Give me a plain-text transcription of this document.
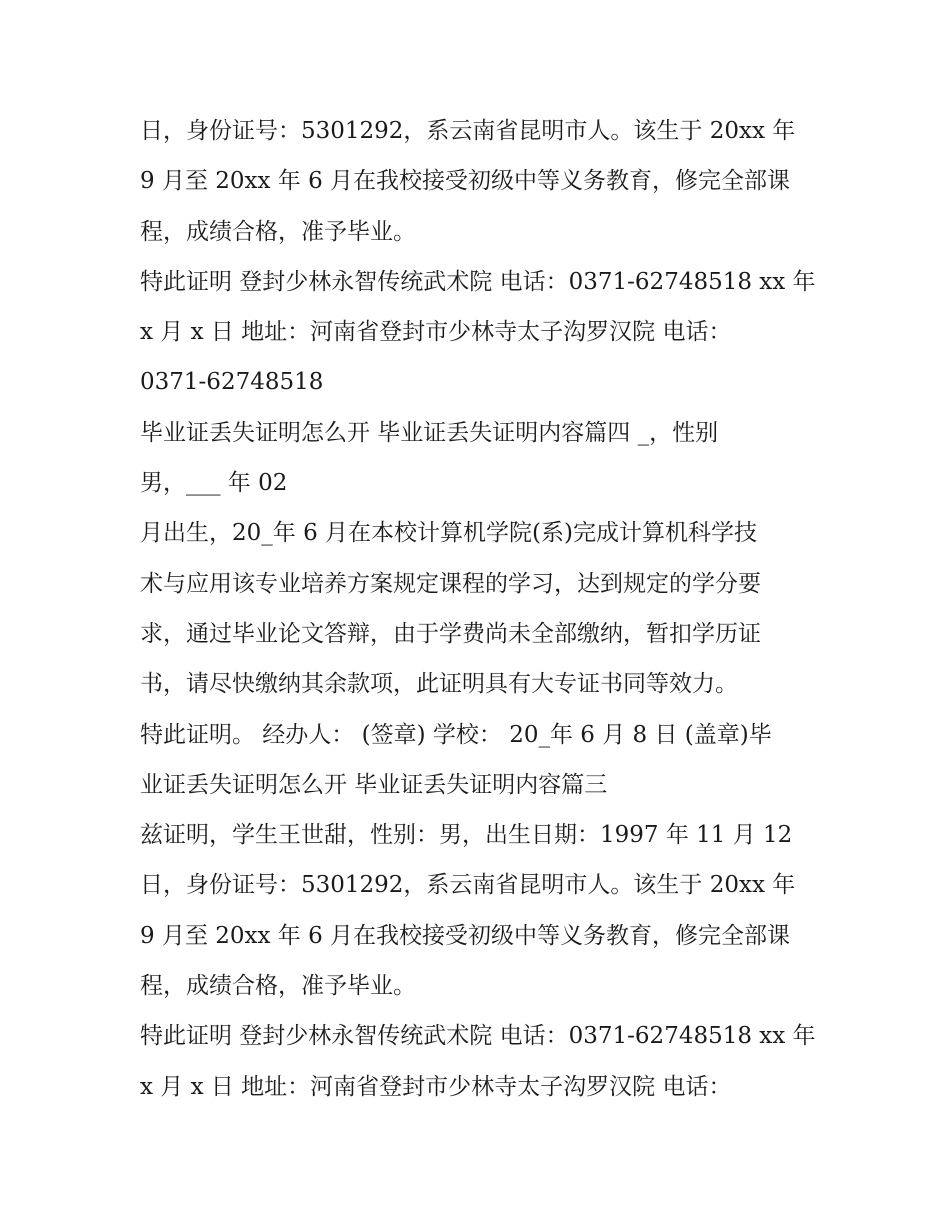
日，身份证号：5301292，系云南省昆明市人。该生于 20xx 年
9 月至 20xx 年 6 月在我校接受初级中等义务教育，修完全部课
程，成绩合格，准予毕业。
特此证明 登封少林永智传统武术院 电话：0371-62748518 xx 年
x 月 x 日 地址：河南省登封市少林寺太子沟罗汉院 电话：
0371-62748518
毕业证丢失证明怎么开 毕业证丢失证明内容篇四 _，性别
男，___ 年 02
月出生，20_年 6 月在本校计算机学院(系)完成计算机科学技
术与应用该专业培养方案规定课程的学习，达到规定的学分要
求，通过毕业论文答辩，由于学费尚未全部缴纳，暂扣学历证
书，请尽快缴纳其余款项，此证明具有大专证书同等效力。
特此证明。 经办人： (签章) 学校： 20_年 6 月 8 日 (盖章)毕
业证丢失证明怎么开 毕业证丢失证明内容篇三
兹证明，学生王世甜，性别：男，出生日期：1997 年 11 月 12
日，身份证号：5301292，系云南省昆明市人。该生于 20xx 年
9 月至 20xx 年 6 月在我校接受初级中等义务教育，修完全部课
程，成绩合格，准予毕业。
特此证明 登封少林永智传统武术院 电话：0371-62748518 xx 年
x 月 x 日 地址：河南省登封市少林寺太子沟罗汉院 电话：
